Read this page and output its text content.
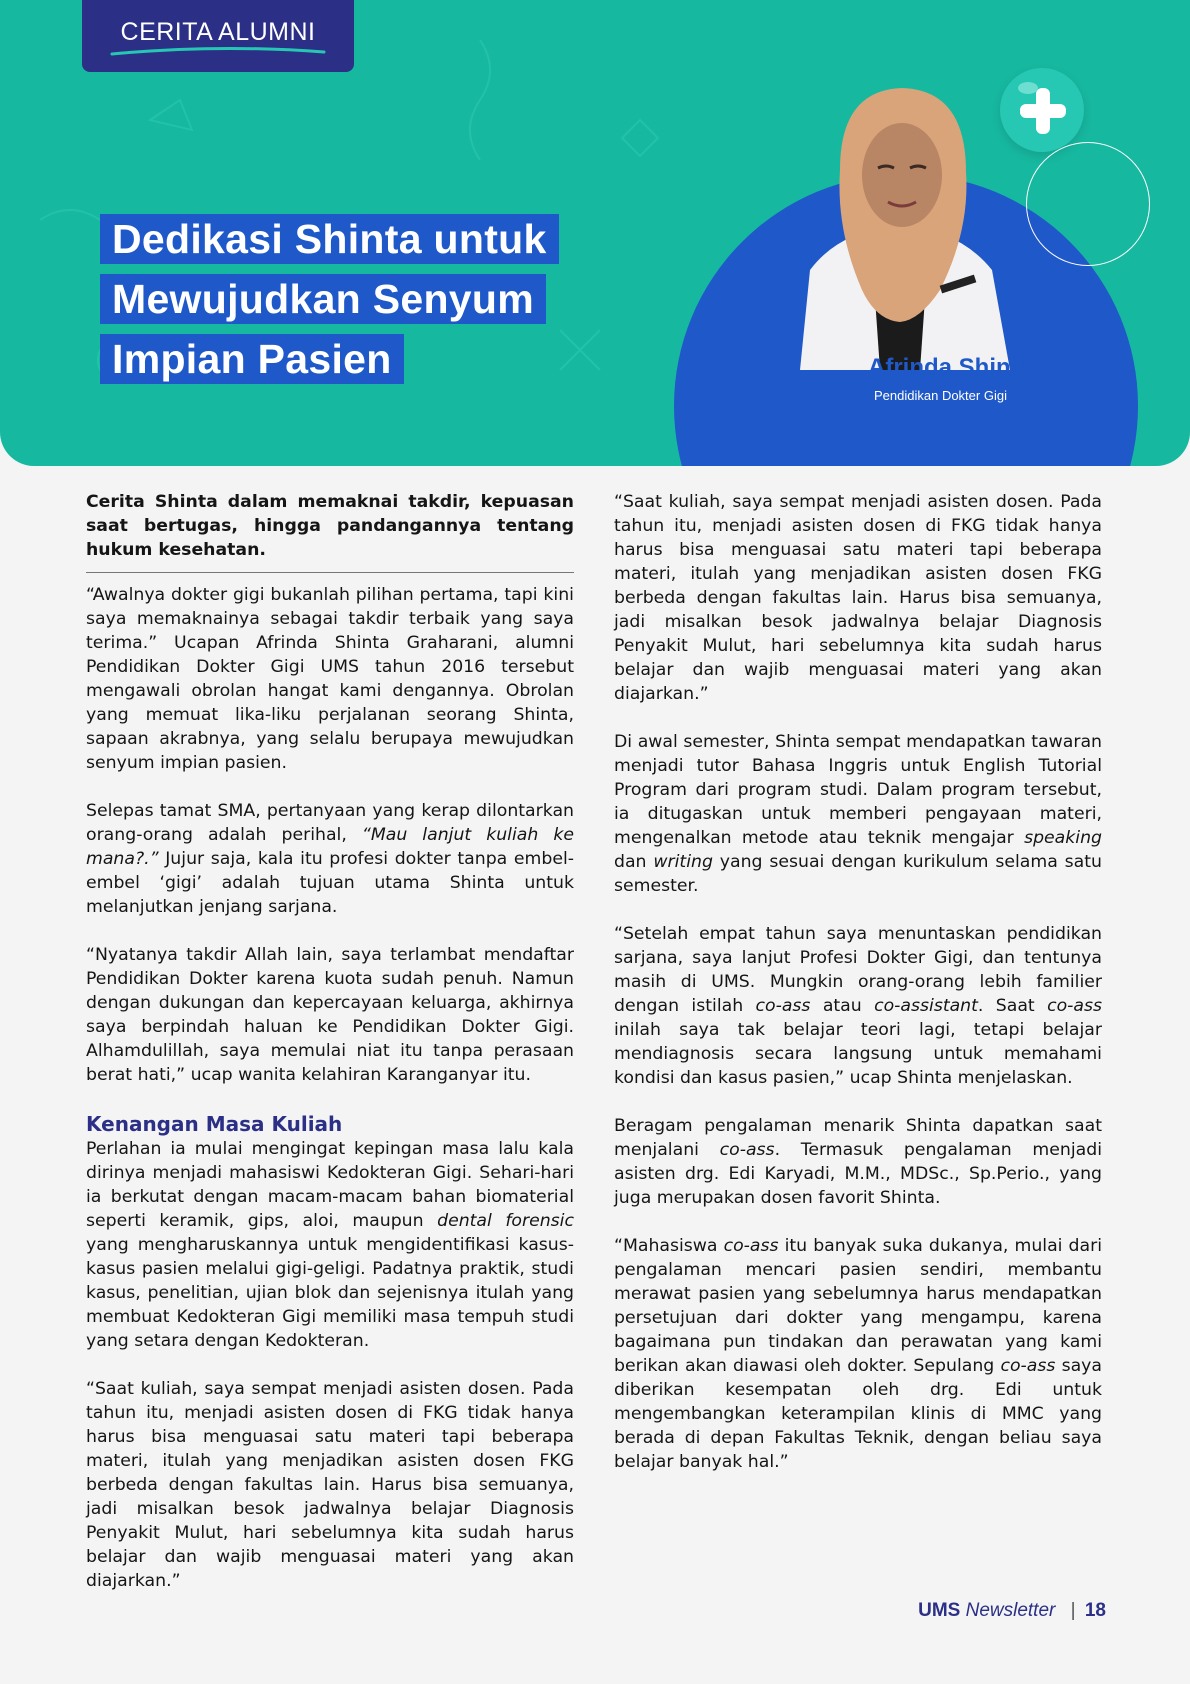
CERITA ALUMNI
Dedikasi Shinta untuk
Mewujudkan Senyum
Impian Pasien	Afrinda Shinta
Pendidikan Dokter Gigi

Cerita Shinta dalam memaknai takdir, kepuasan saat bertugas, hingga pandangannya tentang hukum kesehatan.

“Awalnya dokter gigi bukanlah pilihan pertama, tapi kini saya memaknainya sebagai takdir terbaik yang saya terima.” Ucapan Afrinda Shinta Graharani, alumni Pendidikan Dokter Gigi UMS tahun 2016 tersebut mengawali obrolan hangat kami dengannya. Obrolan yang memuat lika-liku perjalanan seorang Shinta, sapaan akrabnya, yang selalu berupaya mewujudkan senyum impian pasien.

Selepas tamat SMA, pertanyaan yang kerap dilontarkan orang-orang adalah perihal, “Mau lanjut kuliah ke mana?.” Jujur saja, kala itu profesi dokter tanpa embel-embel ‘gigi’ adalah tujuan utama Shinta untuk melanjutkan jenjang sarjana.

“Nyatanya takdir Allah lain, saya terlambat mendaftar Pendidikan Dokter karena kuota sudah penuh. Namun dengan dukungan dan kepercayaan keluarga, akhirnya saya berpindah haluan ke Pendidikan Dokter Gigi. Alhamdulillah, saya memulai niat itu tanpa perasaan berat hati,” ucap wanita kelahiran Karanganyar itu.

Kenangan Masa Kuliah

Perlahan ia mulai mengingat kepingan masa lalu kala dirinya menjadi mahasiswi Kedokteran Gigi. Sehari-hari ia berkutat dengan macam-macam bahan biomaterial seperti keramik, gips, aloi, maupun dental forensic yang mengharuskannya untuk mengidentifikasi kasus-kasus pasien melalui gigi-geligi. Padatnya praktik, studi kasus, penelitian, ujian blok dan sejenisnya itulah yang membuat Kedokteran Gigi memiliki masa tempuh studi yang setara dengan Kedokteran.

“Saat kuliah, saya sempat menjadi asisten dosen. Pada tahun itu, menjadi asisten dosen di FKG tidak hanya harus bisa menguasai satu materi tapi beberapa materi, itulah yang menjadikan asisten dosen FKG berbeda dengan fakultas lain. Harus bisa semuanya, jadi misalkan besok jadwalnya belajar Diagnosis Penyakit Mulut, hari sebelumnya kita sudah harus belajar dan wajib menguasai materi yang akan diajarkan.”

“Saat kuliah, saya sempat menjadi asisten dosen. Pada tahun itu, menjadi asisten dosen di FKG tidak hanya harus bisa menguasai satu materi tapi beberapa materi, itulah yang menjadikan asisten dosen FKG berbeda dengan fakultas lain. Harus bisa semuanya, jadi misalkan besok jadwalnya belajar Diagnosis Penyakit Mulut, hari sebelumnya kita sudah harus belajar dan wajib menguasai materi yang akan diajarkan.”

Di awal semester, Shinta sempat mendapatkan tawaran menjadi tutor Bahasa Inggris untuk English Tutorial Program dari program studi. Dalam program tersebut, ia ditugaskan untuk memberi pengayaan materi, mengenalkan metode atau teknik mengajar speaking dan writing yang sesuai dengan kurikulum selama satu semester.

“Setelah empat tahun saya menuntaskan pendidikan sarjana, saya lanjut Profesi Dokter Gigi, dan tentunya masih di UMS. Mungkin orang-orang lebih familier dengan istilah co-ass atau co-assistant. Saat co-ass inilah saya tak belajar teori lagi, tetapi belajar mendiagnosis secara langsung untuk memahami kondisi dan kasus pasien,” ucap Shinta menjelaskan.

Beragam pengalaman menarik Shinta dapatkan saat menjalani co-ass. Termasuk pengalaman menjadi asisten drg. Edi Karyadi, M.M., MDSc., Sp.Perio., yang juga merupakan dosen favorit Shinta.

“Mahasiswa co-ass itu banyak suka dukanya, mulai dari pengalaman mencari pasien sendiri, membantu merawat pasien yang sebelumnya harus mendapatkan persetujuan dari dokter yang mengampu, karena bagaimana pun tindakan dan perawatan yang kami berikan akan diawasi oleh dokter. Sepulang co-ass saya diberikan kesempatan oleh drg. Edi untuk mengembangkan keterampilan klinis di MMC yang berada di depan Fakultas Teknik, dengan beliau saya belajar banyak hal.”

UMS Newsletter | 18
